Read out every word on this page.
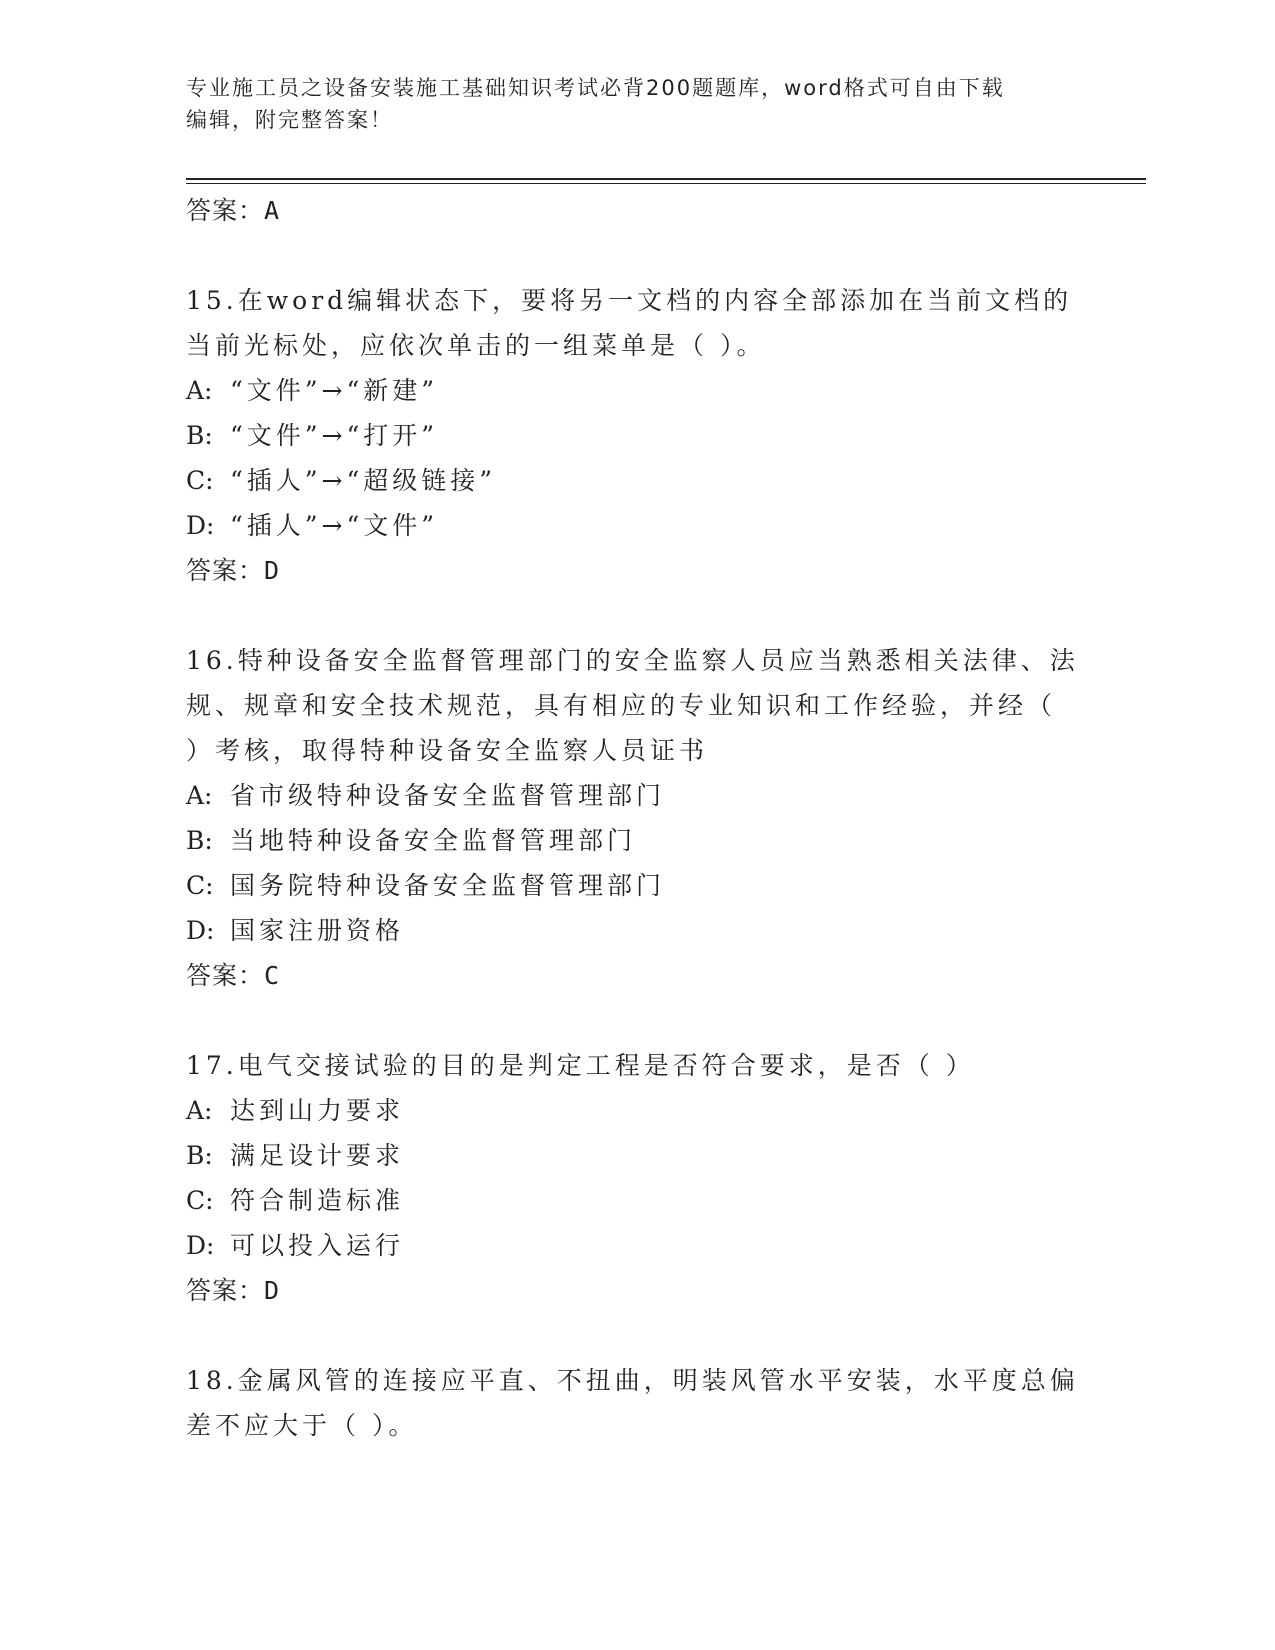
专业施工员之设备安装施工基础知识考试必背200题题库，word格式可自由下载
编辑，附完整答案！
答案：A
15.在word编辑状态下，要将另一文档的内容全部添加在当前文档的
当前光标处，应依次单击的一组菜单是（ ）。
A: “文件”→“新建”
B: “文件”→“打开”
C: “插人”→“超级链接”
D: “插人”→“文件”
答案：D
16.特种设备安全监督管理部门的安全监察人员应当熟悉相关法律、法
规、规章和安全技术规范，具有相应的专业知识和工作经验，并经（
）考核，取得特种设备安全监察人员证书
A: 省市级特种设备安全监督管理部门
B: 当地特种设备安全监督管理部门
C: 国务院特种设备安全监督管理部门
D: 国家注册资格
答案：C
17.电气交接试验的目的是判定工程是否符合要求，是否（ ）
A: 达到山力要求
B: 满足设计要求
C: 符合制造标准
D: 可以投入运行
答案：D
18.金属风管的连接应平直、不扭曲，明装风管水平安装，水平度总偏
差不应大于（ ）。
